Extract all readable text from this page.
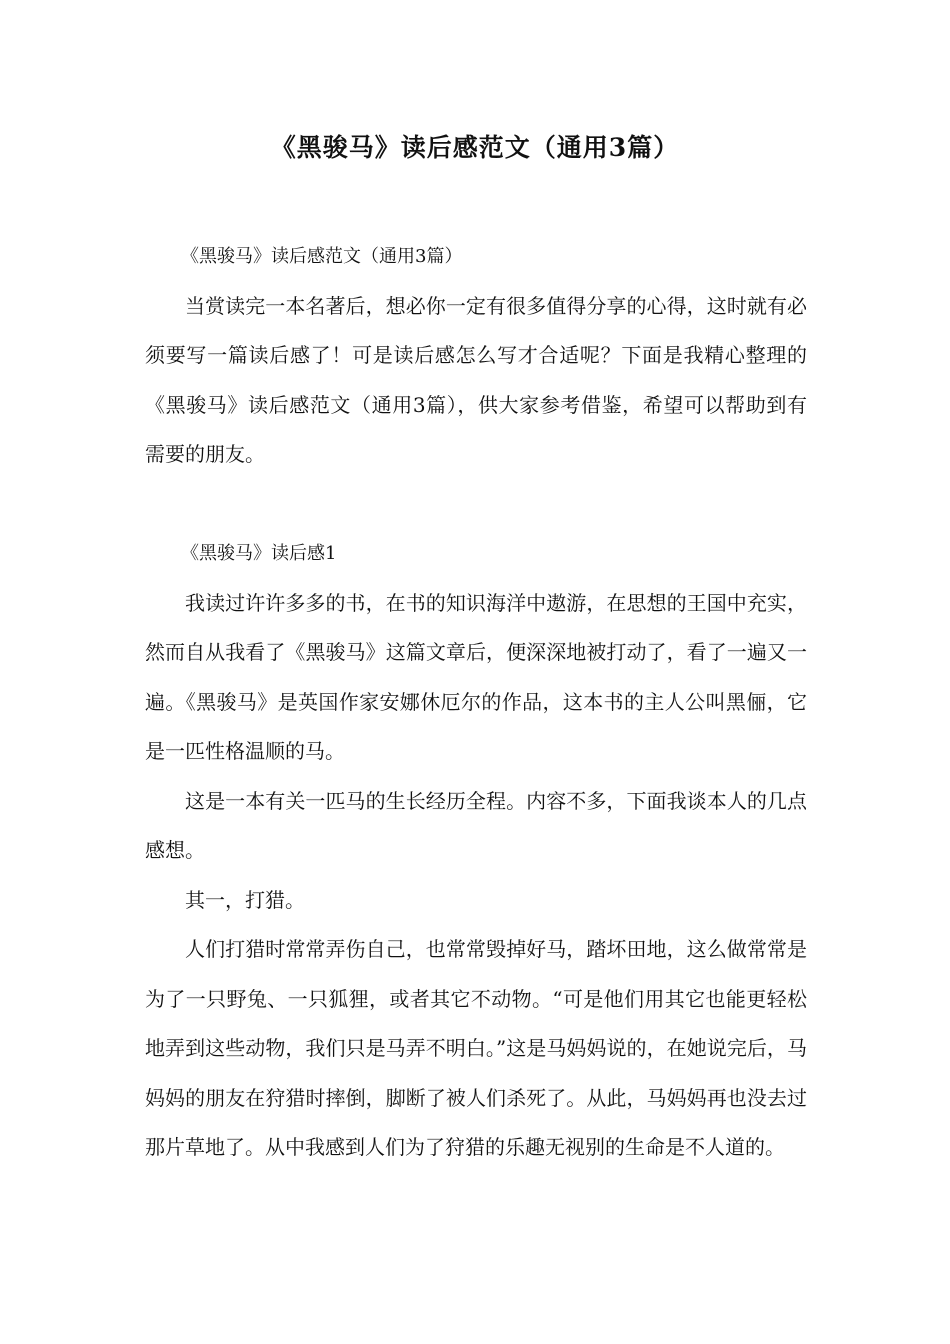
《黑骏马》读后感范文（通用3篇）

《黑骏马》读后感范文（通用3篇）

当赏读完一本名著后，想必你一定有很多值得分享的心得，这时就有必须要写一篇读后感了！可是读后感怎么写才合适呢？下面是我精心整理的《黑骏马》读后感范文（通用3篇），供大家参考借鉴，希望可以帮助到有需要的朋友。

《黑骏马》读后感1

我读过许许多多的书，在书的知识海洋中遨游，在思想的王国中充实，然而自从我看了《黑骏马》这篇文章后，便深深地被打动了，看了一遍又一遍。《黑骏马》是英国作家安娜休厄尔的作品，这本书的主人公叫黑俪，它是一匹性格温顺的马。

这是一本有关一匹马的生长经历全程。内容不多，下面我谈本人的几点感想。

其一，打猎。

人们打猎时常常弄伤自己，也常常毁掉好马，踏坏田地，这么做常常是为了一只野兔、一只狐狸，或者其它不动物。“可是他们用其它也能更轻松地弄到这些动物，我们只是马弄不明白。”这是马妈妈说的，在她说完后，马妈妈的朋友在狩猎时摔倒，脚断了被人们杀死了。从此，马妈妈再也没去过那片草地了。从中我感到人们为了狩猎的乐趣无视别的生命是不人道的。
